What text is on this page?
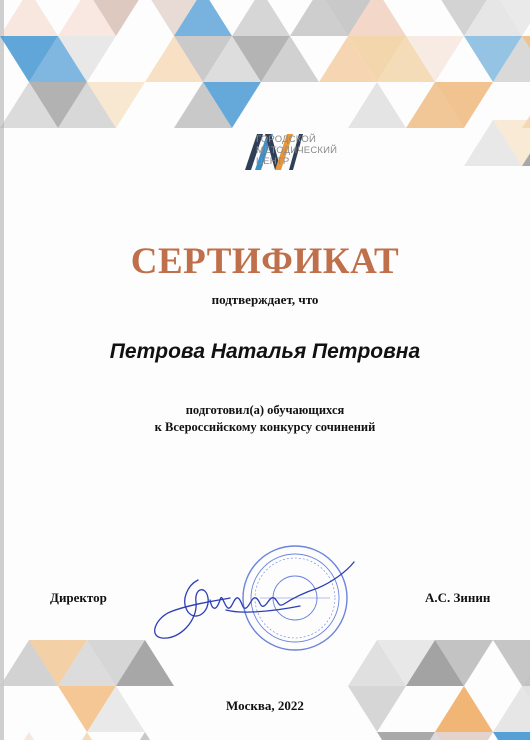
ГОРОДСКОЙ
МЕТОДИЧЕСКИЙ
ЦЕНТР
СЕРТИФИКАТ
подтверждает, что
Петрова Наталья Петровна
подготовил(а) обучающихся
к Всероссийскому конкурсу сочинений
Директор	А.С. Зинин
Москва, 2022
